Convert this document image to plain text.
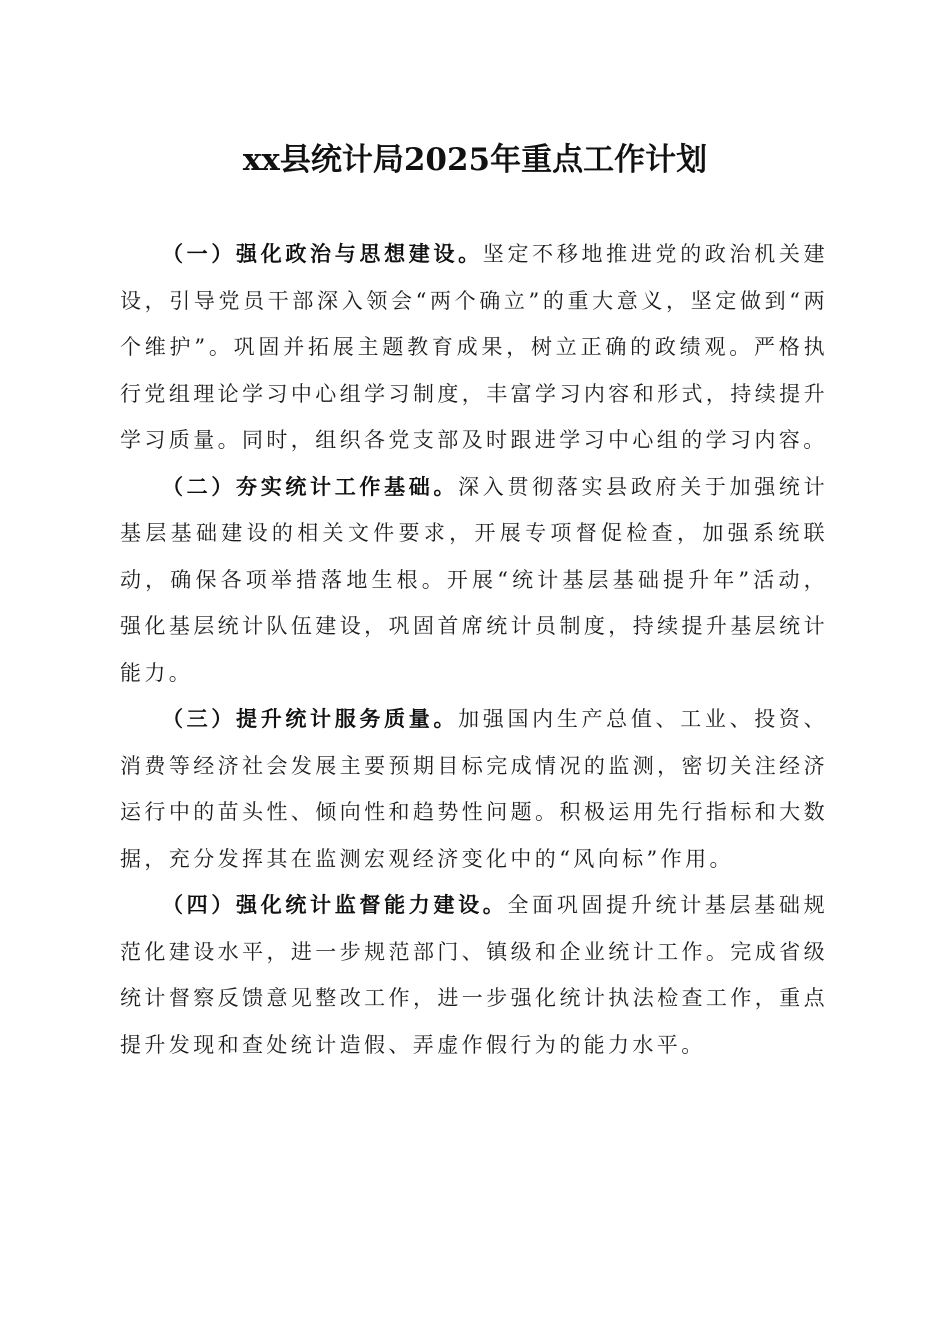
xx县统计局2025年重点工作计划

（一）强化政治与思想建设。坚定不移地推进党的政治机关建设，引导党员干部深入领会“两个确立”的重大意义，坚定做到“两个维护”。巩固并拓展主题教育成果，树立正确的政绩观。严格执行党组理论学习中心组学习制度，丰富学习内容和形式，持续提升学习质量。同时，组织各党支部及时跟进学习中心组的学习内容。

（二）夯实统计工作基础。深入贯彻落实县政府关于加强统计基层基础建设的相关文件要求，开展专项督促检查，加强系统联动，确保各项举措落地生根。开展“统计基层基础提升年”活动，强化基层统计队伍建设，巩固首席统计员制度，持续提升基层统计能力。

（三）提升统计服务质量。加强国内生产总值、工业、投资、消费等经济社会发展主要预期目标完成情况的监测，密切关注经济运行中的苗头性、倾向性和趋势性问题。积极运用先行指标和大数据，充分发挥其在监测宏观经济变化中的“风向标”作用。

（四）强化统计监督能力建设。全面巩固提升统计基层基础规范化建设水平，进一步规范部门、镇级和企业统计工作。完成省级统计督察反馈意见整改工作，进一步强化统计执法检查工作，重点提升发现和查处统计造假、弄虚作假行为的能力水平。
